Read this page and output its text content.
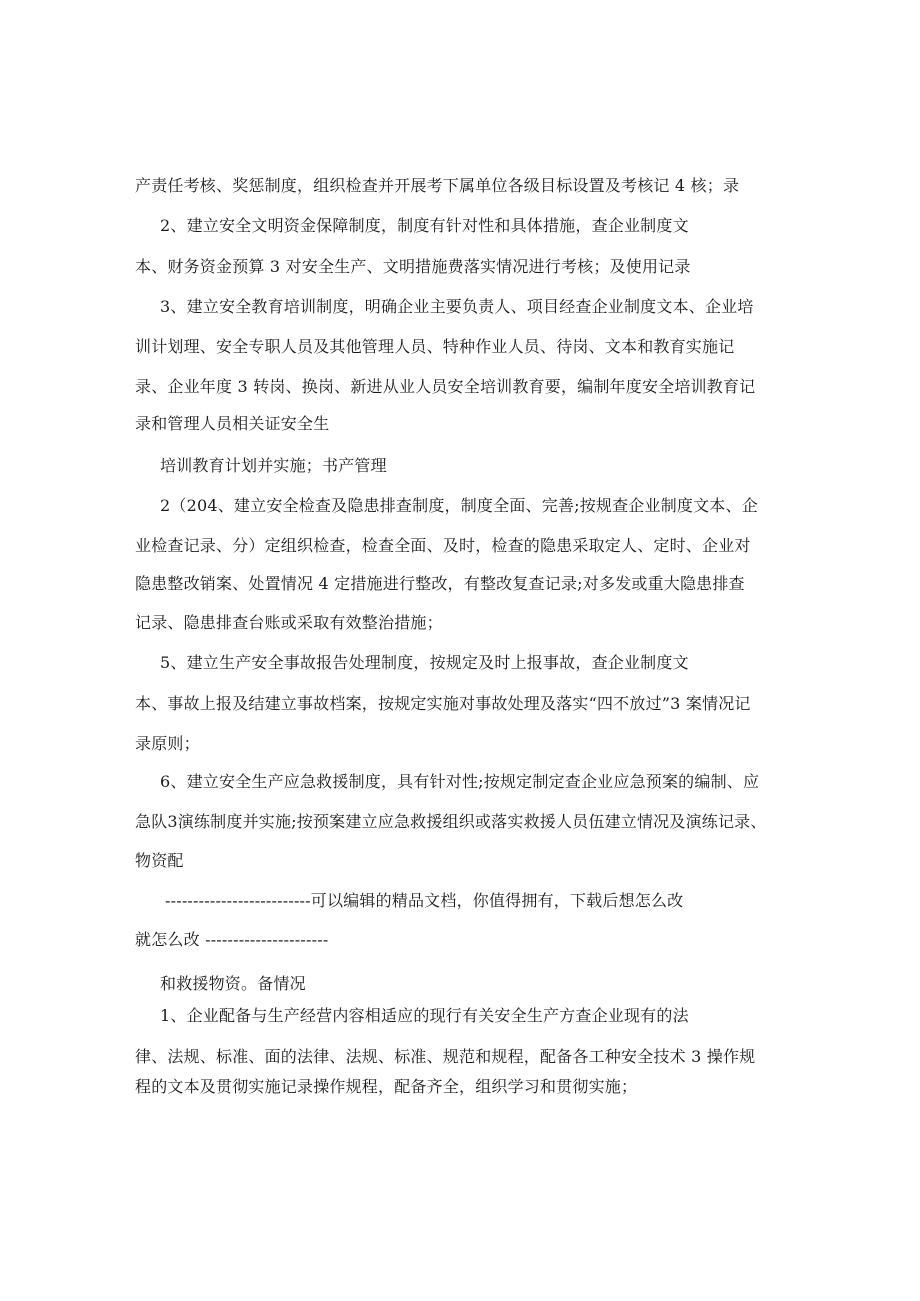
产责任考核、奖惩制度，组织检查并开展考下属单位各级目标设置及考核记 4 核；录
2、建立安全文明资金保障制度，制度有针对性和具体措施，查企业制度文
本、财务资金预算 3 对安全生产、文明措施费落实情况进行考核；及使用记录
3、建立安全教育培训制度，明确企业主要负责人、项目经查企业制度文本、企业培
训计划理、安全专职人员及其他管理人员、特种作业人员、待岗、文本和教育实施记
录、企业年度 3 转岗、换岗、新进从业人员安全培训教育要，编制年度安全培训教育记
录和管理人员相关证安全生
培训教育计划并实施；书产管理
2（204、建立安全检查及隐患排查制度，制度全面、完善;按规查企业制度文本、企
业检查记录、分）定组织检查，检查全面、及时，检查的隐患采取定人、定时、企业对
隐患整改销案、处置情况 4 定措施进行整改，有整改复查记录;对多发或重大隐患排查
记录、隐患排查台账或采取有效整治措施；
5、建立生产安全事故报告处理制度，按规定及时上报事故，查企业制度文
本、事故上报及结建立事故档案，按规定实施对事故处理及落实“四不放过”3 案情况记
录原则；
6、建立安全生产应急救援制度，具有针对性;按规定制定查企业应急预案的编制、应
急队3演练制度并实施;按预案建立应急救援组织或落实救援人员伍建立情况及演练记录、
物资配
--------------------------可以编辑的精品文档，你值得拥有，下载后想怎么改
就怎么改 ----------------------
和救援物资。备情况
1、企业配备与生产经营内容相适应的现行有关安全生产方查企业现有的法
律、法规、标准、面的法律、法规、标准、规范和规程，配备各工种安全技术 3 操作规
程的文本及贯彻实施记录操作规程，配备齐全，组织学习和贯彻实施；
